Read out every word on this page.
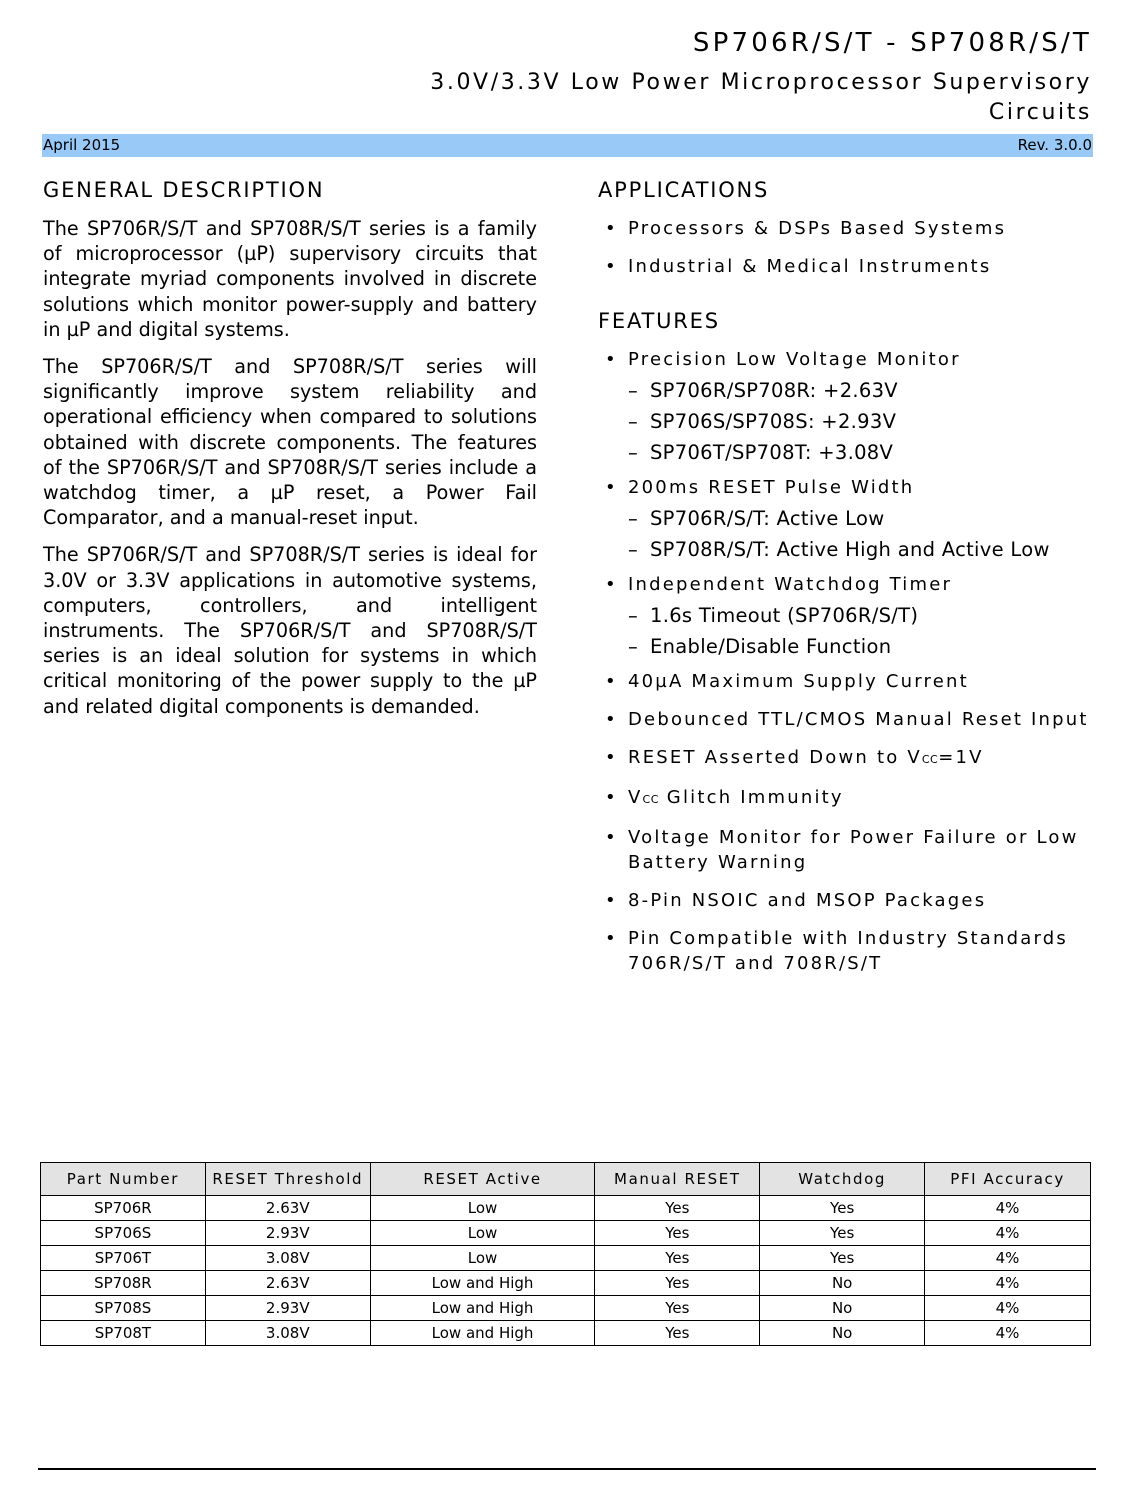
SP706R/S/T - SP708R/S/T
3.0V/3.3V Low Power Microprocessor Supervisory Circuits
April 2015	Rev. 3.0.0
GENERAL DESCRIPTION

The SP706R/S/T and SP708R/S/T series is a family of microprocessor (µP) supervisory circuits that integrate myriad components involved in discrete solutions which monitor power-supply and battery in µP and digital systems.

The SP706R/S/T and SP708R/S/T series will significantly improve system reliability and operational efficiency when compared to solutions obtained with discrete components. The features of the SP706R/S/T and SP708R/S/T series include a watchdog timer, a µP reset, a Power Fail Comparator, and a manual-reset input.

The SP706R/S/T and SP708R/S/T series is ideal for 3.0V or 3.3V applications in automotive systems, computers, controllers, and intelligent instruments. The SP706R/S/T and SP708R/S/T series is an ideal solution for systems in which critical monitoring of the power supply to the µP and related digital components is demanded.

APPLICATIONS
• Processors & DSPs Based Systems
• Industrial & Medical Instruments
FEATURES
• Precision Low Voltage Monitor
– SP706R/SP708R: +2.63V
– SP706S/SP708S: +2.93V
– SP706T/SP708T: +3.08V
• 200ms RESET Pulse Width
– SP706R/S/T: Active Low
– SP708R/S/T: Active High and Active Low
• Independent Watchdog Timer
– 1.6s Timeout (SP706R/S/T)
– Enable/Disable Function
• 40µA Maximum Supply Current
• Debounced TTL/CMOS Manual Reset Input
• RESET Asserted Down to VCC=1V
• VCC Glitch Immunity
• Voltage Monitor for Power Failure or Low Battery Warning
• 8-Pin NSOIC and MSOP Packages
• Pin Compatible with Industry Standards 706R/S/T and 708R/S/T
Part Number	RESET Threshold	RESET Active	Manual RESET	Watchdog	PFI Accuracy
SP706R	2.63V	Low	Yes	Yes	4%
SP706S	2.93V	Low	Yes	Yes	4%
SP706T	3.08V	Low	Yes	Yes	4%
SP708R	2.63V	Low and High	Yes	No	4%
SP708S	2.93V	Low and High	Yes	No	4%
SP708T	3.08V	Low and High	Yes	No	4%
